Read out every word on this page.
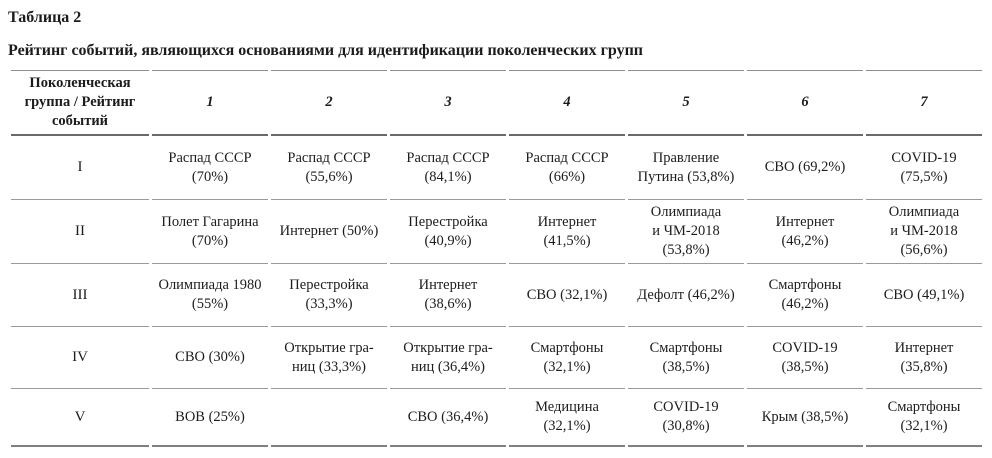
Таблица 2
Рейтинг событий, являющихся основаниями для идентификации поколенческих групп
Поколенческая группа / Рейтинг событий	1	2	3	4	5	6	7
I	Распад СССР (70%)	Распад СССР (55,6%)	Распад СССР (84,1%)	Распад СССР (66%)	Правление Путина (53,8%)	СВО (69,2%)	COVID-19 (75,5%)
II	Полет Гагарина (70%)	Интернет (50%)	Перестройка (40,9%)	Интернет (41,5%)	Олимпиада и ЧМ-2018 (53,8%)	Интернет (46,2%)	Олимпиада и ЧМ-2018 (56,6%)
III	Олимпиада 1980 (55%)	Перестройка (33,3%)	Интернет (38,6%)	СВО (32,1%)	Дефолт (46,2%)	Смартфоны (46,2%)	СВО (49,1%)
IV	СВО (30%)	Открытие гра-ниц (33,3%)	Открытие гра-ниц (36,4%)	Смартфоны (32,1%)	Смартфоны (38,5%)	COVID-19 (38,5%)	Интернет (35,8%)
V	ВОВ (25%)		СВО (36,4%)	Медицина (32,1%)	COVID-19 (30,8%)	Крым (38,5%)	Смартфоны (32,1%)
